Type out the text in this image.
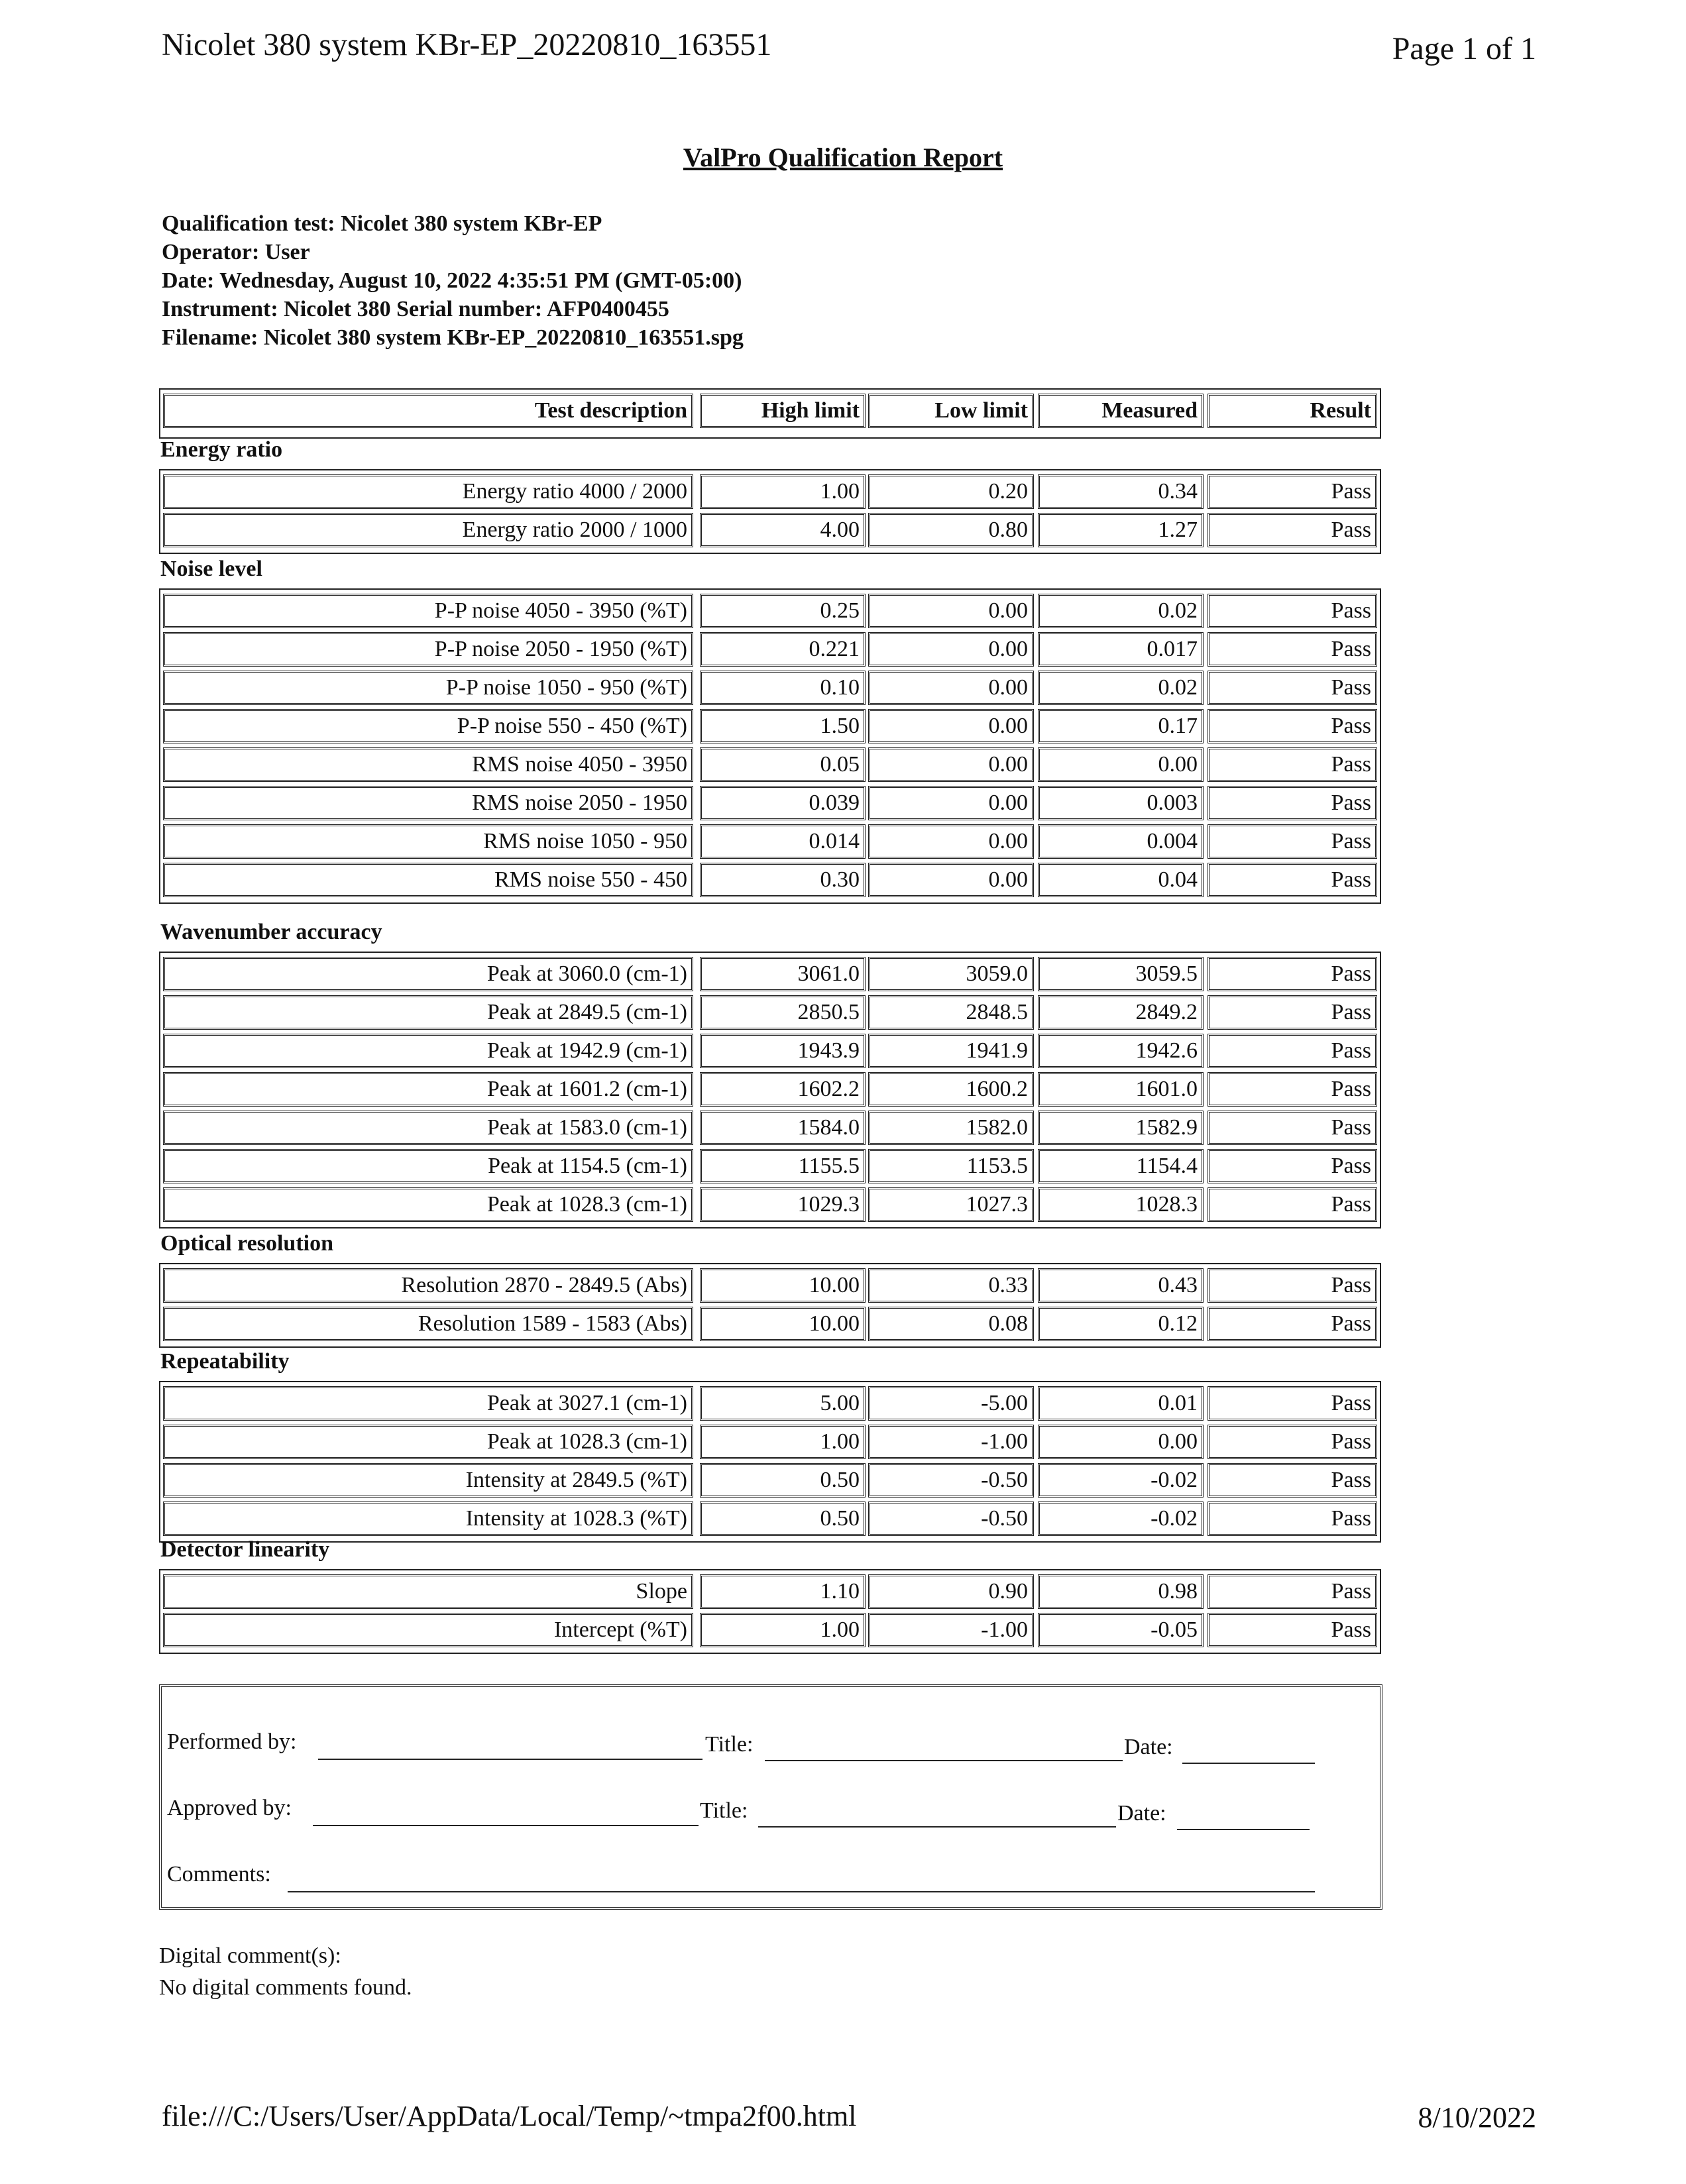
Nicolet 380 system KBr-EP_20220810_163551	Page 1 of 1
ValPro Qualification Report
Qualification test: Nicolet 380 system KBr-EP
Operator: User
Date: Wednesday, August 10, 2022 4:35:51 PM (GMT-05:00)
Instrument: Nicolet 380 Serial number: AFP0400455
Filename: Nicolet 380 system KBr-EP_20220810_163551.spg
Test description	High limit	Low limit	Measured	Result
Energy ratio
Energy ratio 4000 / 2000	1.00	0.20	0.34	Pass
Energy ratio 2000 / 1000	4.00	0.80	1.27	Pass
Noise level
P-P noise 4050 - 3950 (%T)	0.25	0.00	0.02	Pass
P-P noise 2050 - 1950 (%T)	0.221	0.00	0.017	Pass
P-P noise 1050 - 950 (%T)	0.10	0.00	0.02	Pass
P-P noise 550 - 450 (%T)	1.50	0.00	0.17	Pass
RMS noise 4050 - 3950	0.05	0.00	0.00	Pass
RMS noise 2050 - 1950	0.039	0.00	0.003	Pass
RMS noise 1050 - 950	0.014	0.00	0.004	Pass
RMS noise 550 - 450	0.30	0.00	0.04	Pass
Wavenumber accuracy
Peak at 3060.0 (cm-1)	3061.0	3059.0	3059.5	Pass
Peak at 2849.5 (cm-1)	2850.5	2848.5	2849.2	Pass
Peak at 1942.9 (cm-1)	1943.9	1941.9	1942.6	Pass
Peak at 1601.2 (cm-1)	1602.2	1600.2	1601.0	Pass
Peak at 1583.0 (cm-1)	1584.0	1582.0	1582.9	Pass
Peak at 1154.5 (cm-1)	1155.5	1153.5	1154.4	Pass
Peak at 1028.3 (cm-1)	1029.3	1027.3	1028.3	Pass
Optical resolution
Resolution 2870 - 2849.5 (Abs)	10.00	0.33	0.43	Pass
Resolution 1589 - 1583 (Abs)	10.00	0.08	0.12	Pass
Repeatability
Peak at 3027.1 (cm-1)	5.00	-5.00	0.01	Pass
Peak at 1028.3 (cm-1)	1.00	-1.00	0.00	Pass
Intensity at 2849.5 (%T)	0.50	-0.50	-0.02	Pass
Intensity at 1028.3 (%T)	0.50	-0.50	-0.02	Pass
Detector linearity
Slope	1.10	0.90	0.98	Pass
Intercept (%T)	1.00	-1.00	-0.05	Pass
Performed by:	Title:	Date:
Approved by:	Title:	Date:
Comments:
Digital comment(s):
No digital comments found.
file:///C:/Users/User/AppData/Local/Temp/~tmpa2f00.html	8/10/2022
